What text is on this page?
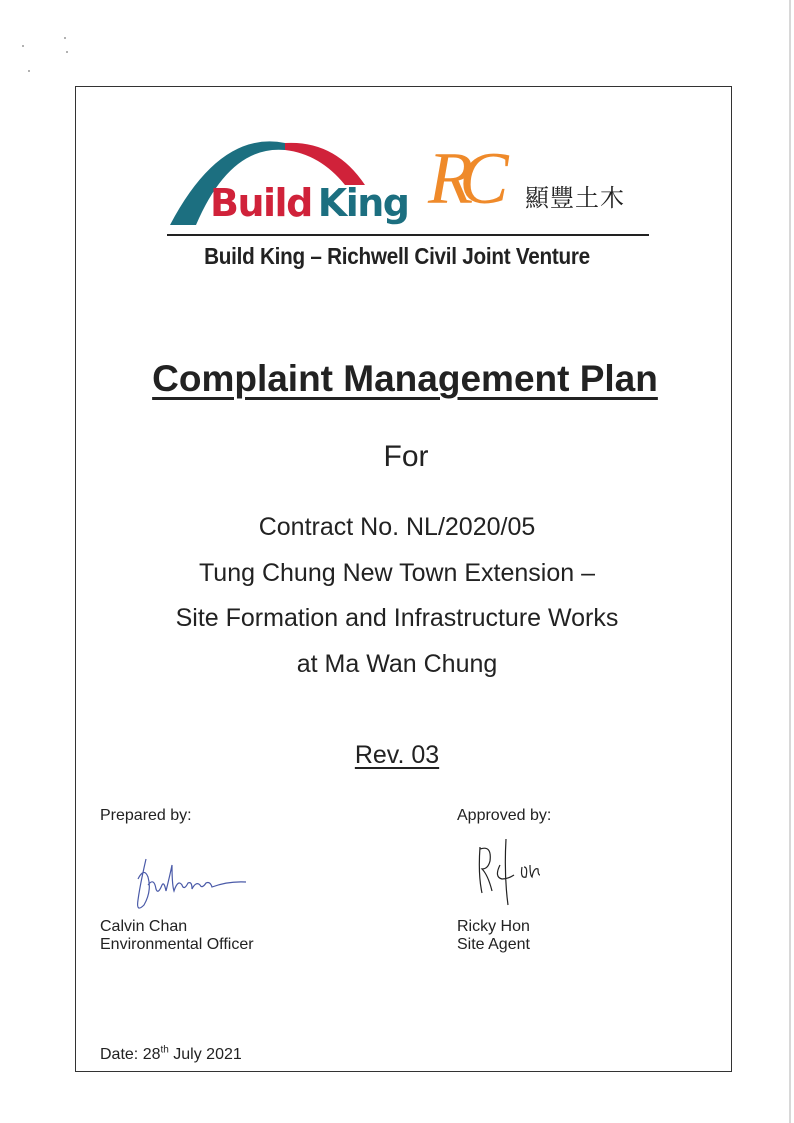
Build King RC 顯豐土木
Build King – Richwell Civil Joint Venture
Complaint Management Plan
For
Contract No. NL/2020/05
Tung Chung New Town Extension –
Site Formation and Infrastructure Works
at Ma Wan Chung
Rev. 03
Prepared by:
Calvin Chan
Environmental Officer
Approved by:
Ricky Hon
Site Agent
Date: 28th July 2021
